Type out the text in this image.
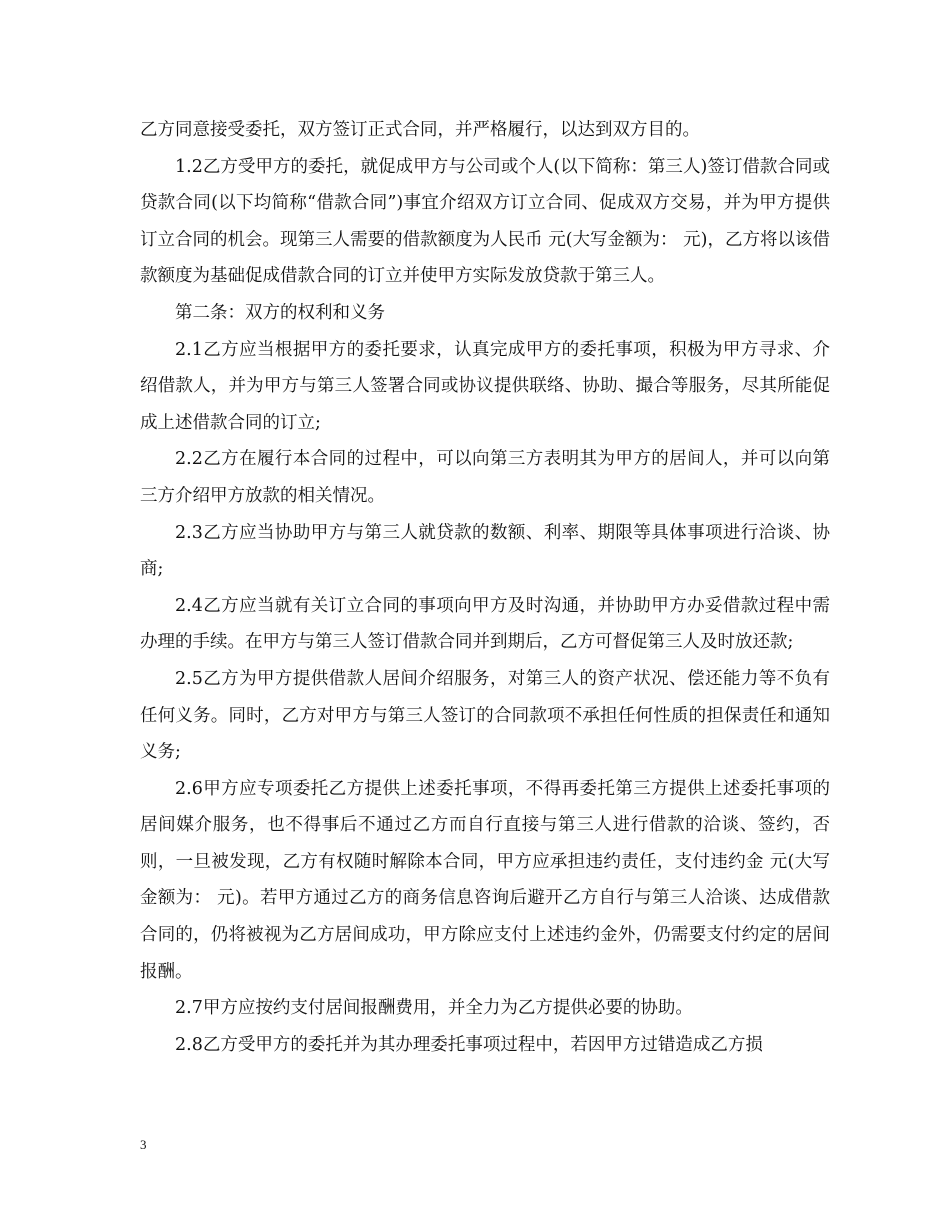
乙方同意接受委托，双方签订正式合同，并严格履行，以达到双方目的。

1.2乙方受甲方的委托，就促成甲方与公司或个人(以下简称：第三人)签订借款合同或贷款合同(以下均简称“借款合同”)事宜介绍双方订立合同、促成双方交易，并为甲方提供订立合同的机会。现第三人需要的借款额度为人民币 元(大写金额为： 元)，乙方将以该借款额度为基础促成借款合同的订立并使甲方实际发放贷款于第三人。

第二条：双方的权利和义务

2.1乙方应当根据甲方的委托要求，认真完成甲方的委托事项，积极为甲方寻求、介绍借款人，并为甲方与第三人签署合同或协议提供联络、协助、撮合等服务，尽其所能促成上述借款合同的订立;

2.2乙方在履行本合同的过程中，可以向第三方表明其为甲方的居间人，并可以向第三方介绍甲方放款的相关情况。

2.3乙方应当协助甲方与第三人就贷款的数额、利率、期限等具体事项进行洽谈、协商;

2.4乙方应当就有关订立合同的事项向甲方及时沟通，并协助甲方办妥借款过程中需办理的手续。在甲方与第三人签订借款合同并到期后，乙方可督促第三人及时放还款;

2.5乙方为甲方提供借款人居间介绍服务，对第三人的资产状况、偿还能力等不负有任何义务。同时，乙方对甲方与第三人签订的合同款项不承担任何性质的担保责任和通知义务;

2.6甲方应专项委托乙方提供上述委托事项，不得再委托第三方提供上述委托事项的居间媒介服务，也不得事后不通过乙方而自行直接与第三人进行借款的洽谈、签约，否则，一旦被发现，乙方有权随时解除本合同，甲方应承担违约责任，支付违约金 元(大写金额为： 元)。若甲方通过乙方的商务信息咨询后避开乙方自行与第三人洽谈、达成借款合同的，仍将被视为乙方居间成功，甲方除应支付上述违约金外，仍需要支付约定的居间报酬。

2.7甲方应按约支付居间报酬费用，并全力为乙方提供必要的协助。

2.8乙方受甲方的委托并为其办理委托事项过程中，若因甲方过错造成乙方损

3
